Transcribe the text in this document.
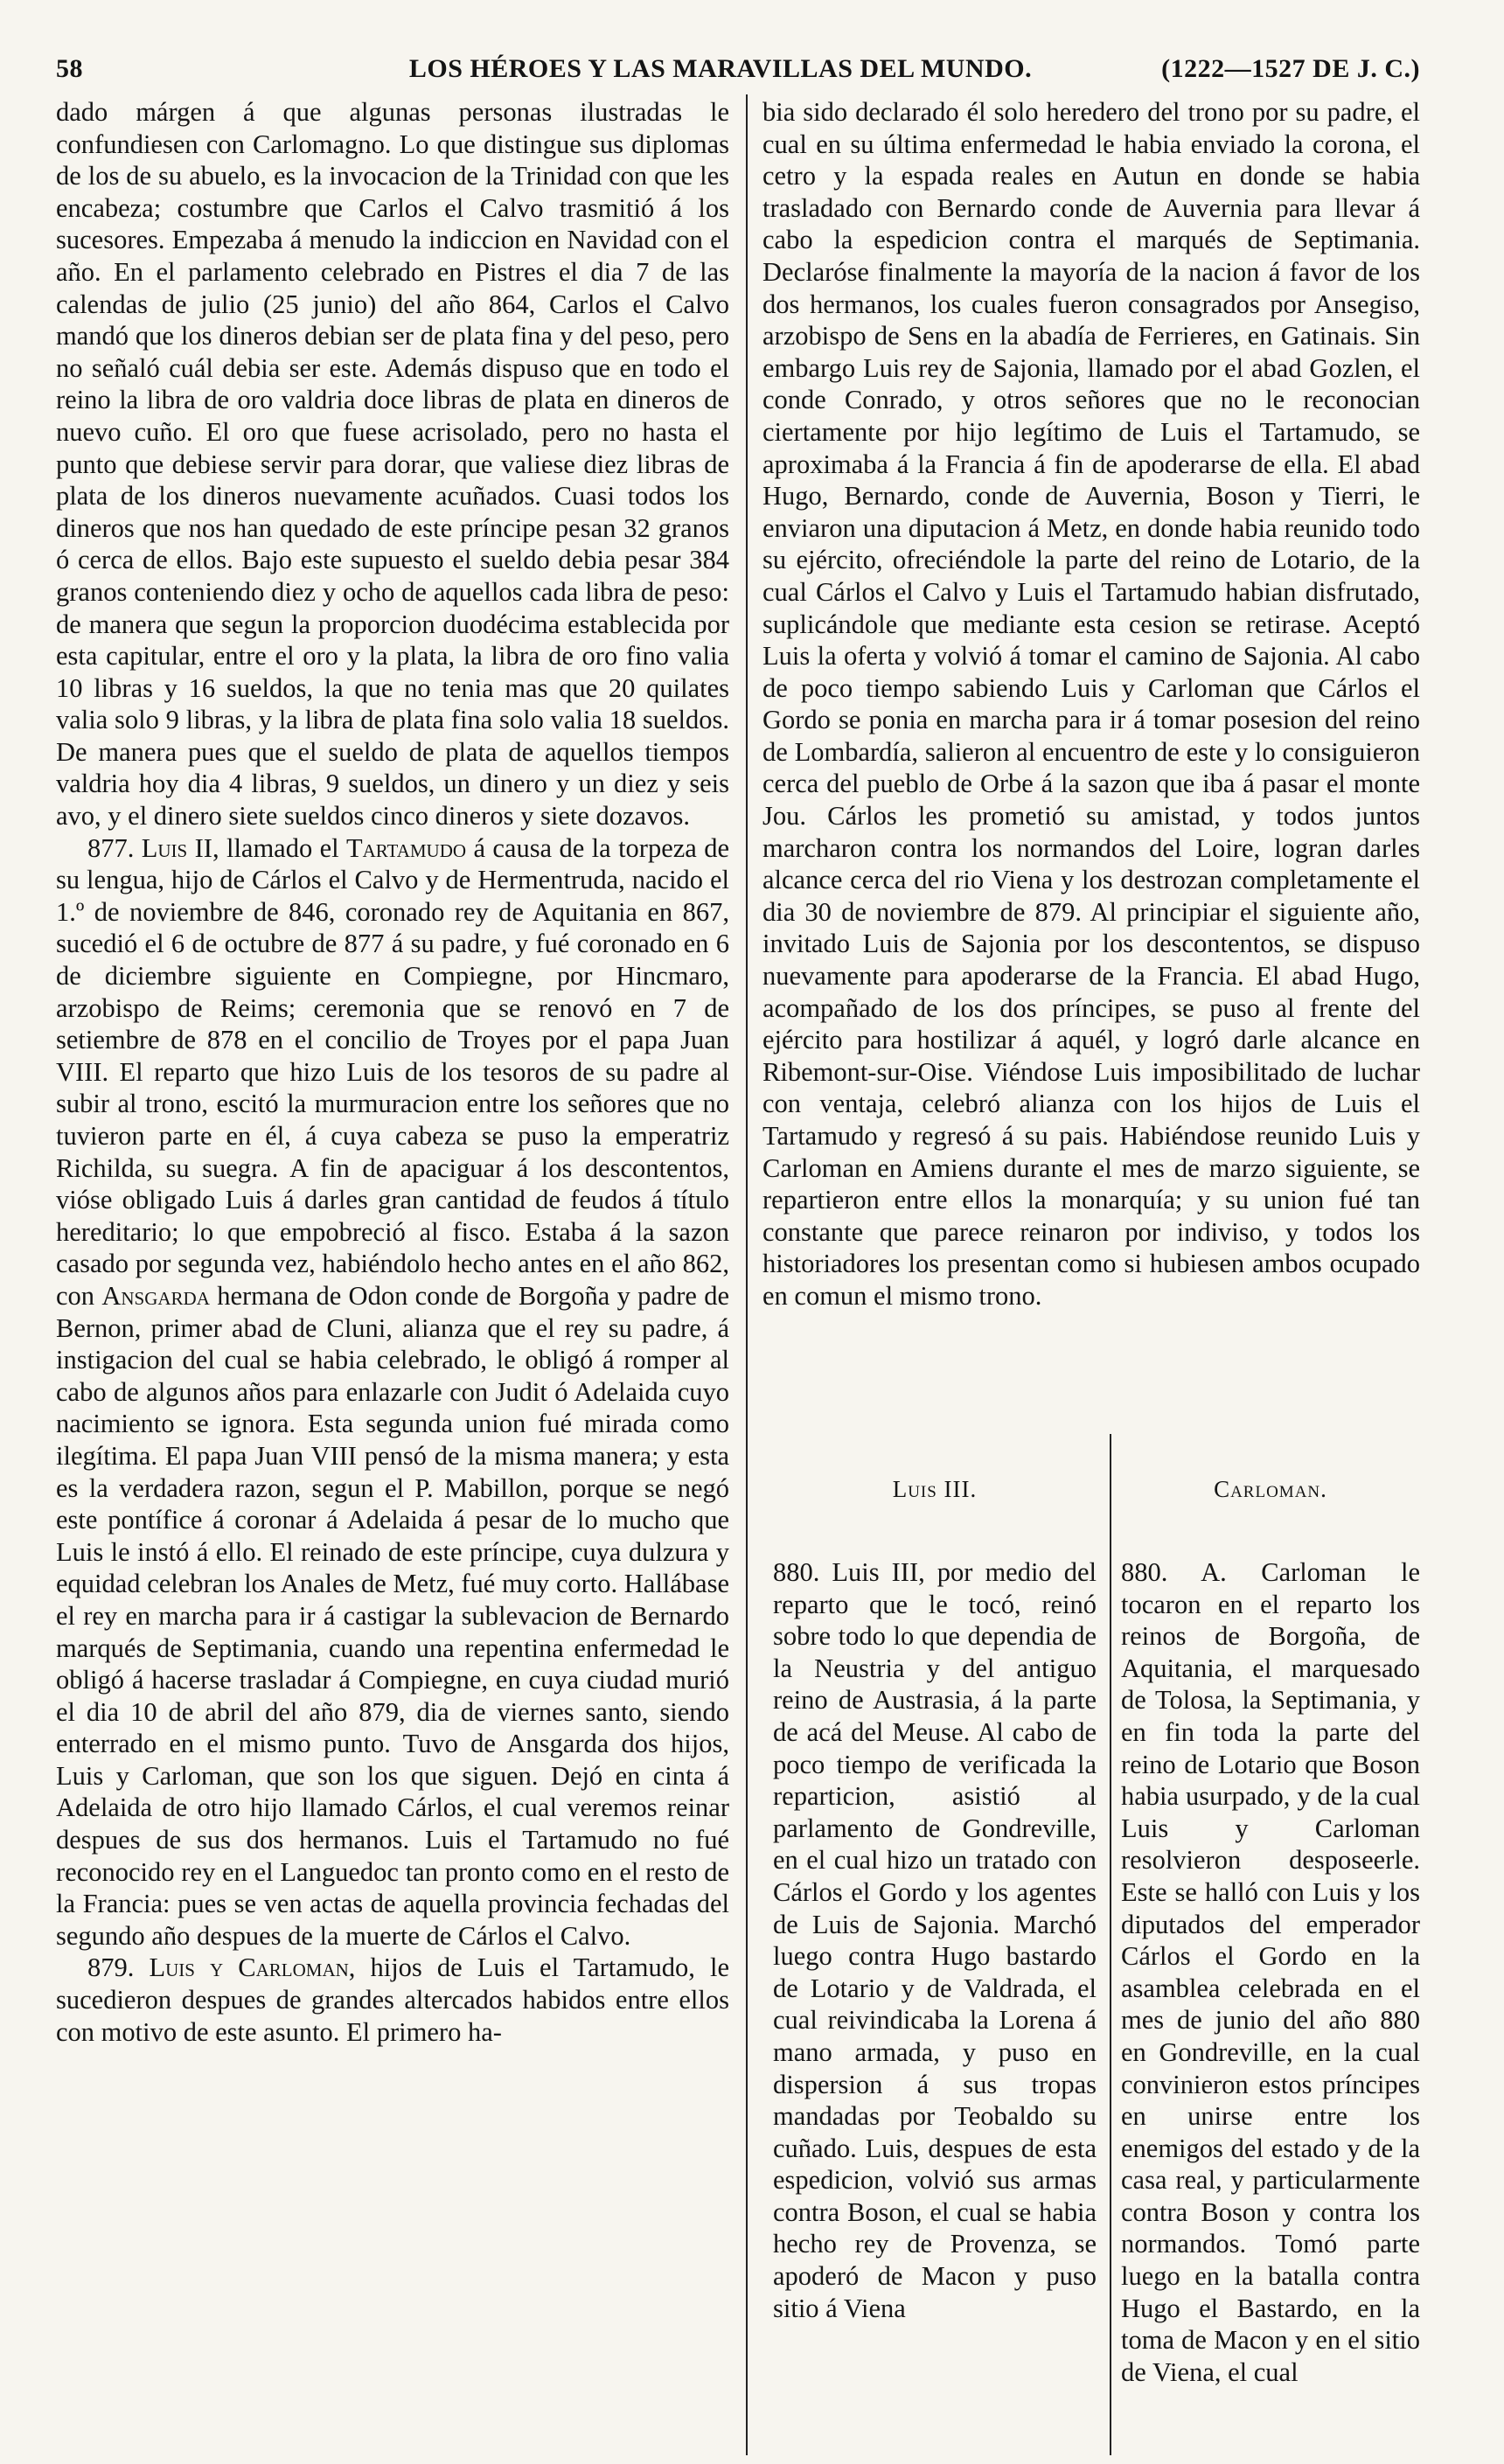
58	LOS HÉROES Y LAS MARAVILLAS DEL MUNDO.	(1222—1527 DE J. C.)

dado márgen á que algunas personas ilustradas le confundiesen con Carlomagno. Lo que distingue sus diplomas de los de su abuelo, es la invocacion de la Trinidad con que les encabeza; costumbre que Carlos el Calvo trasmitió á los sucesores. Empezaba á menudo la indiccion en Navidad con el año. En el parlamento celebrado en Pistres el dia 7 de las calendas de julio (25 junio) del año 864, Carlos el Calvo mandó que los dineros debian ser de plata fina y del peso, pero no señaló cuál debia ser este. Además dispuso que en todo el reino la libra de oro valdria doce libras de plata en dineros de nuevo cuño. El oro que fuese acrisolado, pero no hasta el punto que debiese servir para dorar, que valiese diez libras de plata de los dineros nuevamente acuñados. Cuasi todos los dineros que nos han quedado de este príncipe pesan 32 granos ó cerca de ellos. Bajo este supuesto el sueldo debia pesar 384 granos conteniendo diez y ocho de aquellos cada libra de peso: de manera que segun la proporcion duodécima establecida por esta capitular, entre el oro y la plata, la libra de oro fino valia 10 libras y 16 sueldos, la que no tenia mas que 20 quilates valia solo 9 libras, y la libra de plata fina solo valia 18 sueldos. De manera pues que el sueldo de plata de aquellos tiempos valdria hoy dia 4 libras, 9 sueldos, un dinero y un diez y seis avo, y el dinero siete sueldos cinco dineros y siete dozavos.

877. Luis II, llamado el Tartamudo á causa de la torpeza de su lengua, hijo de Cárlos el Calvo y de Hermentruda, nacido el 1.º de noviembre de 846, coronado rey de Aquitania en 867, sucedió el 6 de octubre de 877 á su padre, y fué coronado en 6 de diciembre siguiente en Compiegne, por Hincmaro, arzobispo de Reims; ceremonia que se renovó en 7 de setiembre de 878 en el concilio de Troyes por el papa Juan VIII. El reparto que hizo Luis de los tesoros de su padre al subir al trono, escitó la murmuracion entre los señores que no tuvieron parte en él, á cuya cabeza se puso la emperatriz Richilda, su suegra. A fin de apaciguar á los descontentos, vióse obligado Luis á darles gran cantidad de feudos á título hereditario; lo que empobreció al fisco. Estaba á la sazon casado por segunda vez, habiéndolo hecho antes en el año 862, con Ansgarda hermana de Odon conde de Borgoña y padre de Bernon, primer abad de Cluni, alianza que el rey su padre, á instigacion del cual se habia celebrado, le obligó á romper al cabo de algunos años para enlazarle con Judit ó Adelaida cuyo nacimiento se ignora. Esta segunda union fué mirada como ilegítima. El papa Juan VIII pensó de la misma manera; y esta es la verdadera razon, segun el P. Mabillon, porque se negó este pontífice á coronar á Adelaida á pesar de lo mucho que Luis le instó á ello. El reinado de este príncipe, cuya dulzura y equidad celebran los Anales de Metz, fué muy corto. Hallábase el rey en marcha para ir á castigar la sublevacion de Bernardo marqués de Septimania, cuando una repentina enfermedad le obligó á hacerse trasladar á Compiegne, en cuya ciudad murió el dia 10 de abril del año 879, dia de viernes santo, siendo enterrado en el mismo punto. Tuvo de Ansgarda dos hijos, Luis y Carloman, que son los que siguen. Dejó en cinta á Adelaida de otro hijo llamado Cárlos, el cual veremos reinar despues de sus dos hermanos. Luis el Tartamudo no fué reconocido rey en el Languedoc tan pronto como en el resto de la Francia: pues se ven actas de aquella provincia fechadas del segundo año despues de la muerte de Cárlos el Calvo.

879. Luis y Carloman, hijos de Luis el Tartamudo, le sucedieron despues de grandes altercados habidos entre ellos con motivo de este asunto. El primero ha-

bia sido declarado él solo heredero del trono por su padre, el cual en su última enfermedad le habia enviado la corona, el cetro y la espada reales en Autun en donde se habia trasladado con Bernardo conde de Auvernia para llevar á cabo la espedicion contra el marqués de Septimania. Declaróse finalmente la mayoría de la nacion á favor de los dos hermanos, los cuales fueron consagrados por Ansegiso, arzobispo de Sens en la abadía de Ferrieres, en Gatinais. Sin embargo Luis rey de Sajonia, llamado por el abad Gozlen, el conde Conrado, y otros señores que no le reconocian ciertamente por hijo legítimo de Luis el Tartamudo, se aproximaba á la Francia á fin de apoderarse de ella. El abad Hugo, Bernardo, conde de Auvernia, Boson y Tierri, le enviaron una diputacion á Metz, en donde habia reunido todo su ejército, ofreciéndole la parte del reino de Lotario, de la cual Cárlos el Calvo y Luis el Tartamudo habian disfrutado, suplicándole que mediante esta cesion se retirase. Aceptó Luis la oferta y volvió á tomar el camino de Sajonia. Al cabo de poco tiempo sabiendo Luis y Carloman que Cárlos el Gordo se ponia en marcha para ir á tomar posesion del reino de Lombardía, salieron al encuentro de este y lo consiguieron cerca del pueblo de Orbe á la sazon que iba á pasar el monte Jou. Cárlos les prometió su amistad, y todos juntos marcharon contra los normandos del Loire, logran darles alcance cerca del rio Viena y los destrozan completamente el dia 30 de noviembre de 879. Al principiar el siguiente año, invitado Luis de Sajonia por los descontentos, se dispuso nuevamente para apoderarse de la Francia. El abad Hugo, acompañado de los dos príncipes, se puso al frente del ejército para hostilizar á aquél, y logró darle alcance en Ribemont-sur-Oise. Viéndose Luis imposibilitado de luchar con ventaja, celebró alianza con los hijos de Luis el Tartamudo y regresó á su pais. Habiéndose reunido Luis y Carloman en Amiens durante el mes de marzo siguiente, se repartieron entre ellos la monarquía; y su union fué tan constante que parece reinaron por indiviso, y todos los historiadores los presentan como si hubiesen ambos ocupado en comun el mismo trono.

Luis III.	Carloman.

880. Luis III, por medio del reparto que le tocó, reinó sobre todo lo que dependia de la Neustria y del antiguo reino de Austrasia, á la parte de acá del Meuse. Al cabo de poco tiempo de verificada la reparticion, asistió al parlamento de Gondreville, en el cual hizo un tratado con Cárlos el Gordo y los agentes de Luis de Sajonia. Marchó luego contra Hugo bastardo de Lotario y de Valdrada, el cual reivindicaba la Lorena á mano armada, y puso en dispersion á sus tropas mandadas por Teobaldo su cuñado. Luis, despues de esta espedicion, volvió sus armas contra Boson, el cual se habia hecho rey de Provenza, se apoderó de Macon y puso sitio á Viena

880. A. Carloman le tocaron en el reparto los reinos de Borgoña, de Aquitania, el marquesado de Tolosa, la Septimania, y en fin toda la parte del reino de Lotario que Boson habia usurpado, y de la cual Luis y Carloman resolvieron desposeerle. Este se halló con Luis y los diputados del emperador Cárlos el Gordo en la asamblea celebrada en el mes de junio del año 880 en Gondreville, en la cual convinieron estos príncipes en unirse entre los enemigos del estado y de la casa real, y particularmente contra Boson y contra los normandos. Tomó parte luego en la batalla contra Hugo el Bastardo, en la toma de Macon y en el sitio de Viena, el cual
